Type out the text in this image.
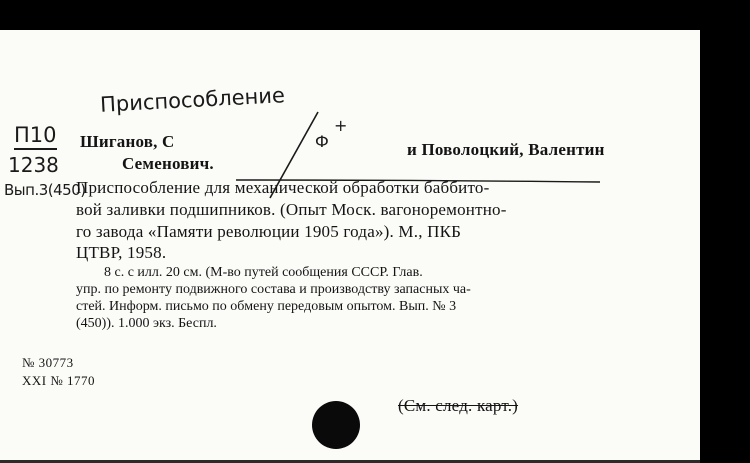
Приспособление
П10
1238
Вып.3(450)
Ф
+
Шиганов, С	и Поволоцкий, Валентин
Семенович.
Приспособление для механической обработки баббито-
вой заливки подшипников. (Опыт Моск. вагоноремонтно-
го завода «Памяти революции 1905 года»). М., ПКБ
ЦТВР, 1958.
8 с. с илл. 20 см. (М-во путей сообщения СССР. Глав.
упр. по ремонту подвижного состава и производству запасных ча-
стей. Информ. письмо по обмену передовым опытом. Вып. № 3
(450)). 1.000 экз. Беспл.
№ 30773
XXI № 1770
(См. след. карт.)
